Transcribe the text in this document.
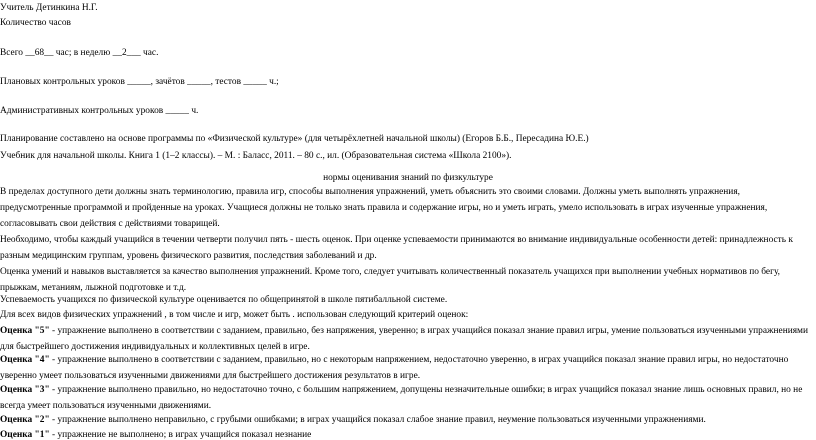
Учитель Детинкина Н.Г.
Количество часов
Всего __68__ час; в неделю __2___ час.
Плановых контрольных уроков _____, зачётов _____, тестов _____ ч.;
Административных контрольных уроков _____ ч.
Планирование составлено на основе программы по «Физической культуре» (для четырёхлетней начальной школы) (Егоров Б.Б., Пересадина Ю.Е.)
Учебник для начальной школы. Книга 1 (1–2 классы). – М. : Баласс, 2011. – 80 с., ил. (Образовательная система «Школа 2100»).
нормы оценивания знаний по физкультуре
В пределах доступного дети должны знать терминологию, правила игр, способы выполнения упражнений, уметь объяснить это своими словами. Должны уметь выполнять упражнения, предусмотренные программой и пройденные на уроках. Учащиеся должны не только знать правила и содержание игры, но и уметь играть, умело использовать в играх изученные упражнения, согласовывать свои действия с действиями товарищей.
Необходимо, чтобы каждый учащийся в течении четверти получил пять - шесть оценок. При оценке успеваемости принимаются во внимание индивидуальные особенности детей: принадлежность к разным медицинским группам, уровень физического развития, последствия заболеваний и др.
Оценка умений и навыков выставляется за качество выполнения упражнений. Кроме того, следует учитывать количественный показатель учащихся при выполнении учебных нормативов по бегу, прыжкам, метаниям, лыжной подготовке и т.д.
Успеваемость учащихся по физической культуре оценивается по общепринятой в школе пятибалльной системе.
Для всех видов физических упражнений , в том числе и игр, может быть . использован следующий критерий оценок:
Оценка "5" - упражнение выполнено в соответствии с заданием, правильно, без напряжения, уверенно; в играх учащийся показал знание правил игры, умение пользоваться изученными упражнениями для быстрейшего достижения индивидуальных и коллективных целей в игре.
Оценка "4" - упражнение выполнено в соответствии с заданием, правильно, но с некоторым напряжением, недостаточно уверенно, в играх учащийся показал знание правил игры, но недостаточно уверенно умеет пользоваться изученными движениями для быстрейшего достижения результатов в игре.
Оценка "3" - упражнение выполнено правильно, но недостаточно точно, с большим напряжением, допущены незначительные ошибки; в играх учащийся показал знание лишь основных правил, но не всегда умеет пользоваться изученными движениями.
Оценка "2" - упражнение выполнено неправильно, с грубыми ошибками; в играх учащийся показал слабое знание правил, неумение пользоваться изученными упражнениями.
Оценка "1" - упражнение не выполнено; в играх учащийся показал незнание
